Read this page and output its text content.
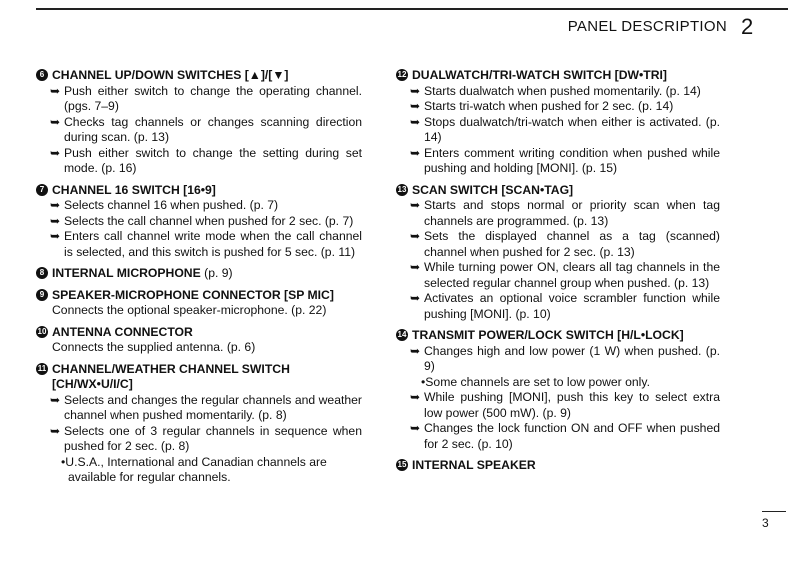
PANEL DESCRIPTION 2
6 CHANNEL UP/DOWN SWITCHES [▲]/[▼]
➥ Push either switch to change the operating channel. (pgs. 7–9)
➥ Checks tag channels or changes scanning direction during scan. (p. 13)
➥ Push either switch to change the setting during set mode. (p. 16)
7 CHANNEL 16 SWITCH [16•9]
➥ Selects channel 16 when pushed. (p. 7)
➥ Selects the call channel when pushed for 2 sec. (p. 7)
➥ Enters call channel write mode when the call channel is selected, and this switch is pushed for 5 sec. (p. 11)
8 INTERNAL MICROPHONE (p. 9)
9 SPEAKER-MICROPHONE CONNECTOR [SP MIC]
Connects the optional speaker-microphone. (p. 22)
10 ANTENNA CONNECTOR
Connects the supplied antenna. (p. 6)
11 CHANNEL/WEATHER CHANNEL SWITCH
[CH/WX•U/I/C]
➥ Selects and changes the regular channels and weather channel when pushed momentarily. (p. 8)
➥ Selects one of 3 regular channels in sequence when pushed for 2 sec. (p. 8)
•U.S.A., International and Canadian channels are available for regular channels.
12 DUALWATCH/TRI-WATCH SWITCH [DW•TRI]
➥ Starts dualwatch when pushed momentarily. (p. 14)
➥ Starts tri-watch when pushed for 2 sec. (p. 14)
➥ Stops dualwatch/tri-watch when either is activated. (p. 14)
➥ Enters comment writing condition when pushed while pushing and holding [MONI]. (p. 15)
13 SCAN SWITCH [SCAN•TAG]
➥ Starts and stops normal or priority scan when tag channels are programmed. (p. 13)
➥ Sets the displayed channel as a tag (scanned) channel when pushed for 2 sec. (p. 13)
➥ While turning power ON, clears all tag channels in the selected regular channel group when pushed. (p. 13)
➥ Activates an optional voice scrambler function while pushing [MONI]. (p. 10)
14 TRANSMIT POWER/LOCK SWITCH [H/L•LOCK]
➥ Changes high and low power (1 W) when pushed. (p. 9)
•Some channels are set to low power only.
➥ While pushing [MONI], push this key to select extra low power (500 mW). (p. 9)
➥ Changes the lock function ON and OFF when pushed for 2 sec. (p. 10)
15 INTERNAL SPEAKER
3
